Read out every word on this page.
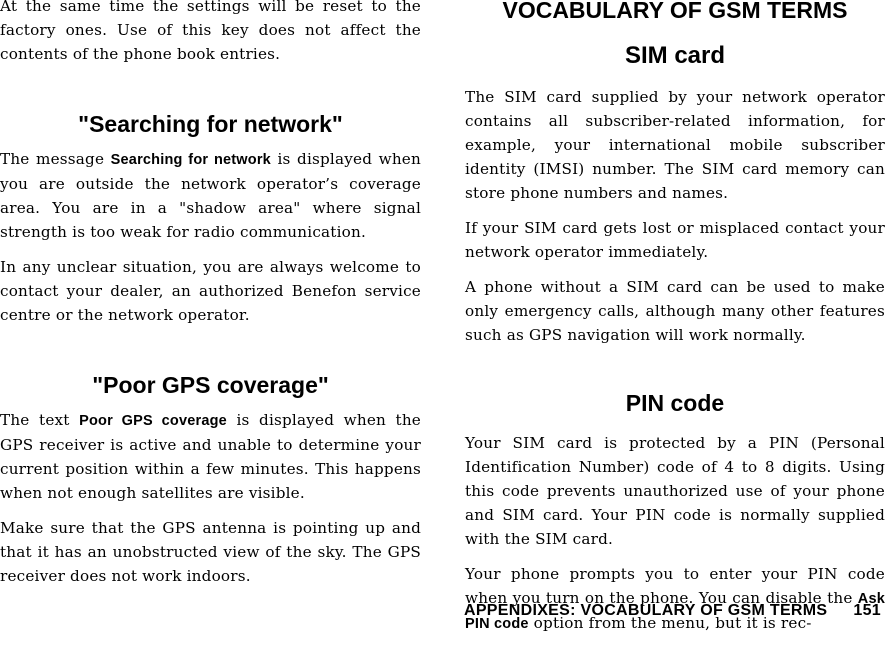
At the same time the settings will be reset to the factory ones. Use of this key does not affect the contents of the phone book entries.

"Searching for network"

The message Searching for network is displayed when you are outside the network operator’s coverage area. You are in a "shadow area" where signal strength is too weak for radio communication.

In any unclear situation, you are always welcome to contact your dealer, an authorized Benefon service centre or the network operator.

"Poor GPS coverage"

The text Poor GPS coverage is displayed when the GPS receiver is active and unable to determine your current position within a few minutes. This happens when not enough satellites are visible.

Make sure that the GPS antenna is pointing up and that it has an unobstructed view of the sky. The GPS receiver does not work indoors.

VOCABULARY OF GSM TERMS
SIM card

The SIM card supplied by your network operator contains all subscriber-related information, for example, your international mobile subscriber identity (IMSI) number. The SIM card memory can store phone numbers and names.

If your SIM card gets lost or misplaced contact your network operator immediately.

A phone without a SIM card can be used to make only emergency calls, although many other features such as GPS navigation will work normally.

PIN code

Your SIM card is protected by a PIN (Personal Identification Number) code of 4 to 8 digits. Using this code prevents unauthorized use of your phone and SIM card. Your PIN code is normally supplied with the SIM card.

Your phone prompts you to enter your PIN code when you turn on the phone. You can disable the Ask PIN code option from the menu, but it is rec-

APPENDIXES: VOCABULARY OF GSM TERMS 151
